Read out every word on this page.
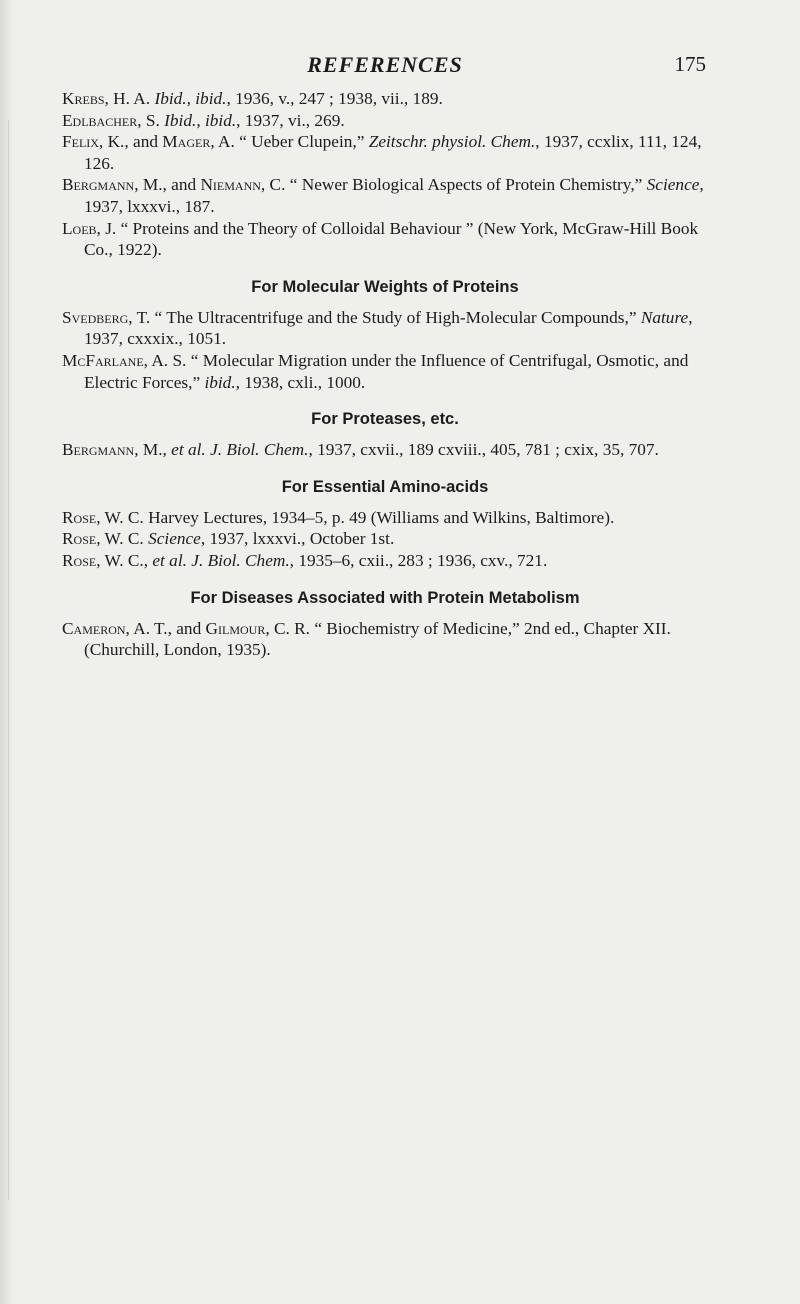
REFERENCES	175

Krebs, H. A. Ibid., ibid., 1936, v., 247 ; 1938, vii., 189.

Edlbacher, S. Ibid., ibid., 1937, vi., 269.

Felix, K., and Mager, A. “ Ueber Clupein,” Zeitschr. physiol. Chem., 1937, ccxlix, 111, 124, 126.

Bergmann, M., and Niemann, C. “ Newer Biological Aspects of Protein Chemistry,” Science, 1937, lxxxvi., 187.

Loeb, J. “ Proteins and the Theory of Colloidal Behaviour ” (New York, McGraw-Hill Book Co., 1922).

For Molecular Weights of Proteins

Svedberg, T. “ The Ultracentrifuge and the Study of High-Molecular Compounds,” Nature, 1937, cxxxix., 1051.

McFarlane, A. S. “ Molecular Migration under the Influence of Centrifugal, Osmotic, and Electric Forces,” ibid., 1938, cxli., 1000.

For Proteases, etc.

Bergmann, M., et al. J. Biol. Chem., 1937, cxvii., 189 cxviii., 405, 781 ; cxix, 35, 707.

For Essential Amino-acids

Rose, W. C. Harvey Lectures, 1934–5, p. 49 (Williams and Wilkins, Baltimore).

Rose, W. C. Science, 1937, lxxxvi., October 1st.

Rose, W. C., et al. J. Biol. Chem., 1935–6, cxii., 283 ; 1936, cxv., 721.

For Diseases Associated with Protein Metabolism

Cameron, A. T., and Gilmour, C. R. “ Biochemistry of Medicine,” 2nd ed., Chapter XII. (Churchill, London, 1935).
